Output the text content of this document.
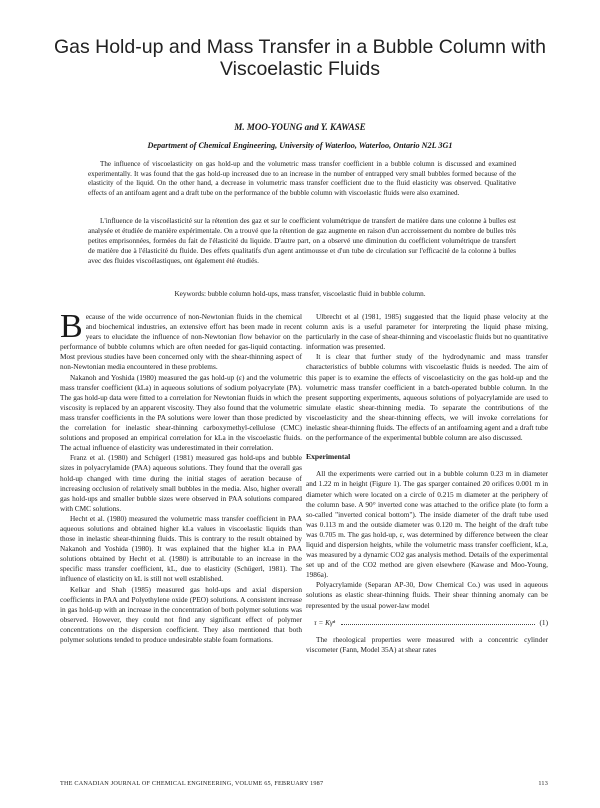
Gas Hold-up and Mass Transfer in a Bubble Column with Viscoelastic Fluids
M. MOO-YOUNG and Y. KAWASE
Department of Chemical Engineering, University of Waterloo, Waterloo, Ontario N2L 3G1

The influence of viscoelasticity on gas hold-up and the volumetric mass transfer coefficient in a bubble column is discussed and examined experimentally. It was found that the gas hold-up increased due to an increase in the number of entrapped very small bubbles formed because of the elasticity of the liquid. On the other hand, a decrease in volumetric mass transfer coefficient due to the fluid elasticity was observed. Qualitative effects of an antifoam agent and a draft tube on the performance of the bubble column with viscoelastic fluids were also examined.

L'influence de la viscoélasticité sur la rétention des gaz et sur le coefficient volumétrique de transfert de matière dans une colonne à bulles est analysée et étudiée de manière expérimentale. On a trouvé que la rétention de gaz augmente en raison d'un accroissement du nombre de bulles très petites emprisonnées, formées du fait de l'élasticité du liquide. D'autre part, on a observé une diminution du coefficient volumétrique de transfert de matière due à l'élasticité du fluide. Des effets qualitatifs d'un agent antimousse et d'un tube de circulation sur l'efficacité de la colonne à bulles avec des fluides viscoélastiques, ont également été étudiés.

Keywords: bubble column hold-ups, mass transfer, viscoelastic fluid in bubble column.

Because of the wide occurrence of non-Newtonian fluids in the chemical and biochemical industries, an extensive effort has been made in recent years to elucidate the influence of non-Newtonian flow behavior on the performance of bubble columns which are often needed for gas-liquid contacting. Most previous studies have been concerned only with the shear-thinning aspect of non-Newtonian media encountered in these problems.

Nakanoh and Yoshida (1980) measured the gas hold-up (ε) and the volumetric mass transfer coefficient (kLa) in aqueous solutions of sodium polyacrylate (PA). The gas hold-up data were fitted to a correlation for Newtonian fluids in which the viscosity is replaced by an apparent viscosity. They also found that the volumetric mass transfer coefficients in the PA solutions were lower than those predicted by the correlation for inelastic shear-thinning carboxymethyl-cellulose (CMC) solutions and proposed an empirical correlation for kLa in the viscoelastic fluids. The actual influence of elasticity was underestimated in their correlation.

Franz et al. (1980) and Schügerl (1981) measured gas hold-ups and bubble sizes in polyacrylamide (PAA) aqueous solutions. They found that the overall gas hold-up changed with time during the initial stages of aeration because of increasing occlusion of relatively small bubbles in the media. Also, higher overall gas hold-ups and smaller bubble sizes were observed in PAA solutions compared with CMC solutions.

Hecht et al. (1980) measured the volumetric mass transfer coefficient in PAA aqueous solutions and obtained higher kLa values in viscoelastic liquids than those in inelastic shear-thinning fluids. This is contrary to the result obtained by Nakanoh and Yoshida (1980). It was explained that the higher kLa in PAA solutions obtained by Hecht et al. (1980) is attributable to an increase in the specific mass transfer coefficient, kL, due to elasticity (Schügerl, 1981). The influence of elasticity on kL is still not well established.

Kelkar and Shah (1985) measured gas hold-ups and axial dispersion coefficients in PAA and Polyethylene oxide (PEO) solutions. A consistent increase in gas hold-up with an increase in the concentration of both polymer solutions was observed. However, they could not find any significant effect of polymer concentrations on the dispersion coefficient. They also mentioned that both polymer solutions tended to produce undesirable stable foam formations.

Ulbrecht et al (1981, 1985) suggested that the liquid phase velocity at the column axis is a useful parameter for interpreting the liquid phase mixing, particularly in the case of shear-thinning and viscoelastic fluids but no quantitative information was presented.

It is clear that further study of the hydrodynamic and mass transfer characteristics of bubble columns with viscoelastic fluids is needed. The aim of this paper is to examine the effects of viscoelasticity on the gas hold-up and the volumetric mass transfer coefficient in a batch-operated bubble column. In the present supporting experiments, aqueous solutions of polyacrylamide are used to simulate elastic shear-thinning media. To separate the contributions of the viscoelasticity and the shear-thinning effects, we will invoke correlations for inelastic shear-thinning fluids. The effects of an antifoaming agent and a draft tube on the performance of the experimental bubble column are also discussed.

Experimental

All the experiments were carried out in a bubble column 0.23 m in diameter and 1.22 m in height (Figure 1). The gas sparger contained 20 orifices 0.001 m in diameter which were located on a circle of 0.215 m diameter at the periphery of the column base. A 90° inverted cone was attached to the orifice plate (to form a so-called "inverted conical bottom"). The inside diameter of the draft tube used was 0.113 m and the outside diameter was 0.120 m. The height of the draft tube was 0.705 m. The gas hold-up, ε, was determined by difference between the clear liquid and dispersion heights, while the volumetric mass transfer coefficient, kLa, was measured by a dynamic CO2 gas analysis method. Details of the experimental set up and of the CO2 method are given elsewhere (Kawase and Moo-Young, 1986a).

Polyacrylamide (Separan AP-30, Dow Chemical Co.) was used in aqueous solutions as elastic shear-thinning fluids. Their shear thinning anomaly can be represented by the usual power-law model

τ = Kγ̇ⁿ	(1)

The rheological properties were measured with a concentric cylinder viscometer (Fann, Model 35A) at shear rates

THE CANADIAN JOURNAL OF CHEMICAL ENGINEERING, VOLUME 65, FEBRUARY 1987	113
